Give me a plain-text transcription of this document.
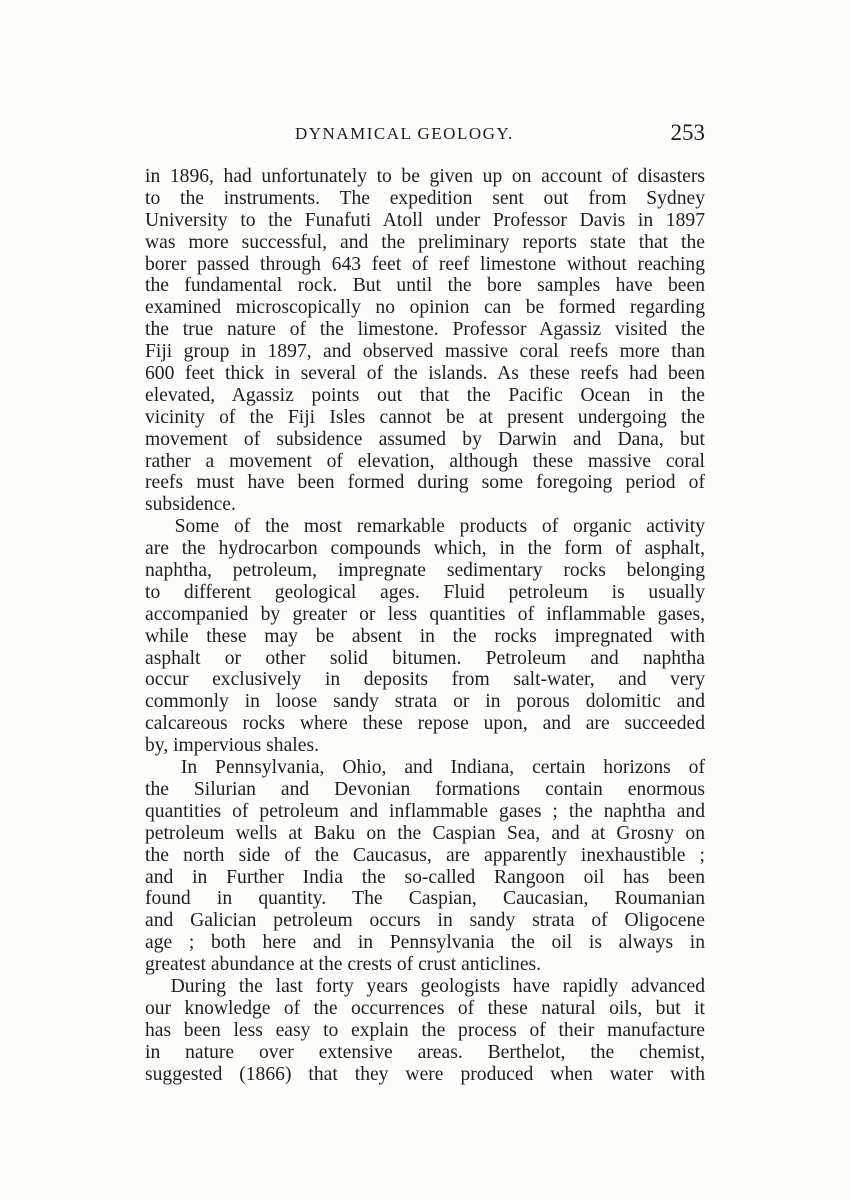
DYNAMICAL GEOLOGY.	253
in 1896, had unfortunately to be given up on account of disasters
to the instruments. The expedition sent out from Sydney
University to the Funafuti Atoll under Professor Davis in 1897
was more successful, and the preliminary reports state that the
borer passed through 643 feet of reef limestone without reaching
the fundamental rock. But until the bore samples have been
examined microscopically no opinion can be formed regarding
the true nature of the limestone. Professor Agassiz visited the
Fiji group in 1897, and observed massive coral reefs more than
600 feet thick in several of the islands. As these reefs had been
elevated, Agassiz points out that the Pacific Ocean in the
vicinity of the Fiji Isles cannot be at present undergoing the
movement of subsidence assumed by Darwin and Dana, but
rather a movement of elevation, although these massive coral
reefs must have been formed during some foregoing period of
subsidence.
Some of the most remarkable products of organic activity
are the hydrocarbon compounds which, in the form of asphalt,
naphtha, petroleum, impregnate sedimentary rocks belonging
to different geological ages. Fluid petroleum is usually
accompanied by greater or less quantities of inflammable gases,
while these may be absent in the rocks impregnated with
asphalt or other solid bitumen. Petroleum and naphtha
occur exclusively in deposits from salt-water, and very
commonly in loose sandy strata or in porous dolomitic and
calcareous rocks where these repose upon, and are succeeded
by, impervious shales.
In Pennsylvania, Ohio, and Indiana, certain horizons of
the Silurian and Devonian formations contain enormous
quantities of petroleum and inflammable gases ; the naphtha and
petroleum wells at Baku on the Caspian Sea, and at Grosny on
the north side of the Caucasus, are apparently inexhaustible ;
and in Further India the so-called Rangoon oil has been
found in quantity. The Caspian, Caucasian, Roumanian
and Galician petroleum occurs in sandy strata of Oligocene
age ; both here and in Pennsylvania the oil is always in
greatest abundance at the crests of crust anticlines.
During the last forty years geologists have rapidly advanced
our knowledge of the occurrences of these natural oils, but it
has been less easy to explain the process of their manufacture
in nature over extensive areas. Berthelot, the chemist,
suggested (1866) that they were produced when water with
